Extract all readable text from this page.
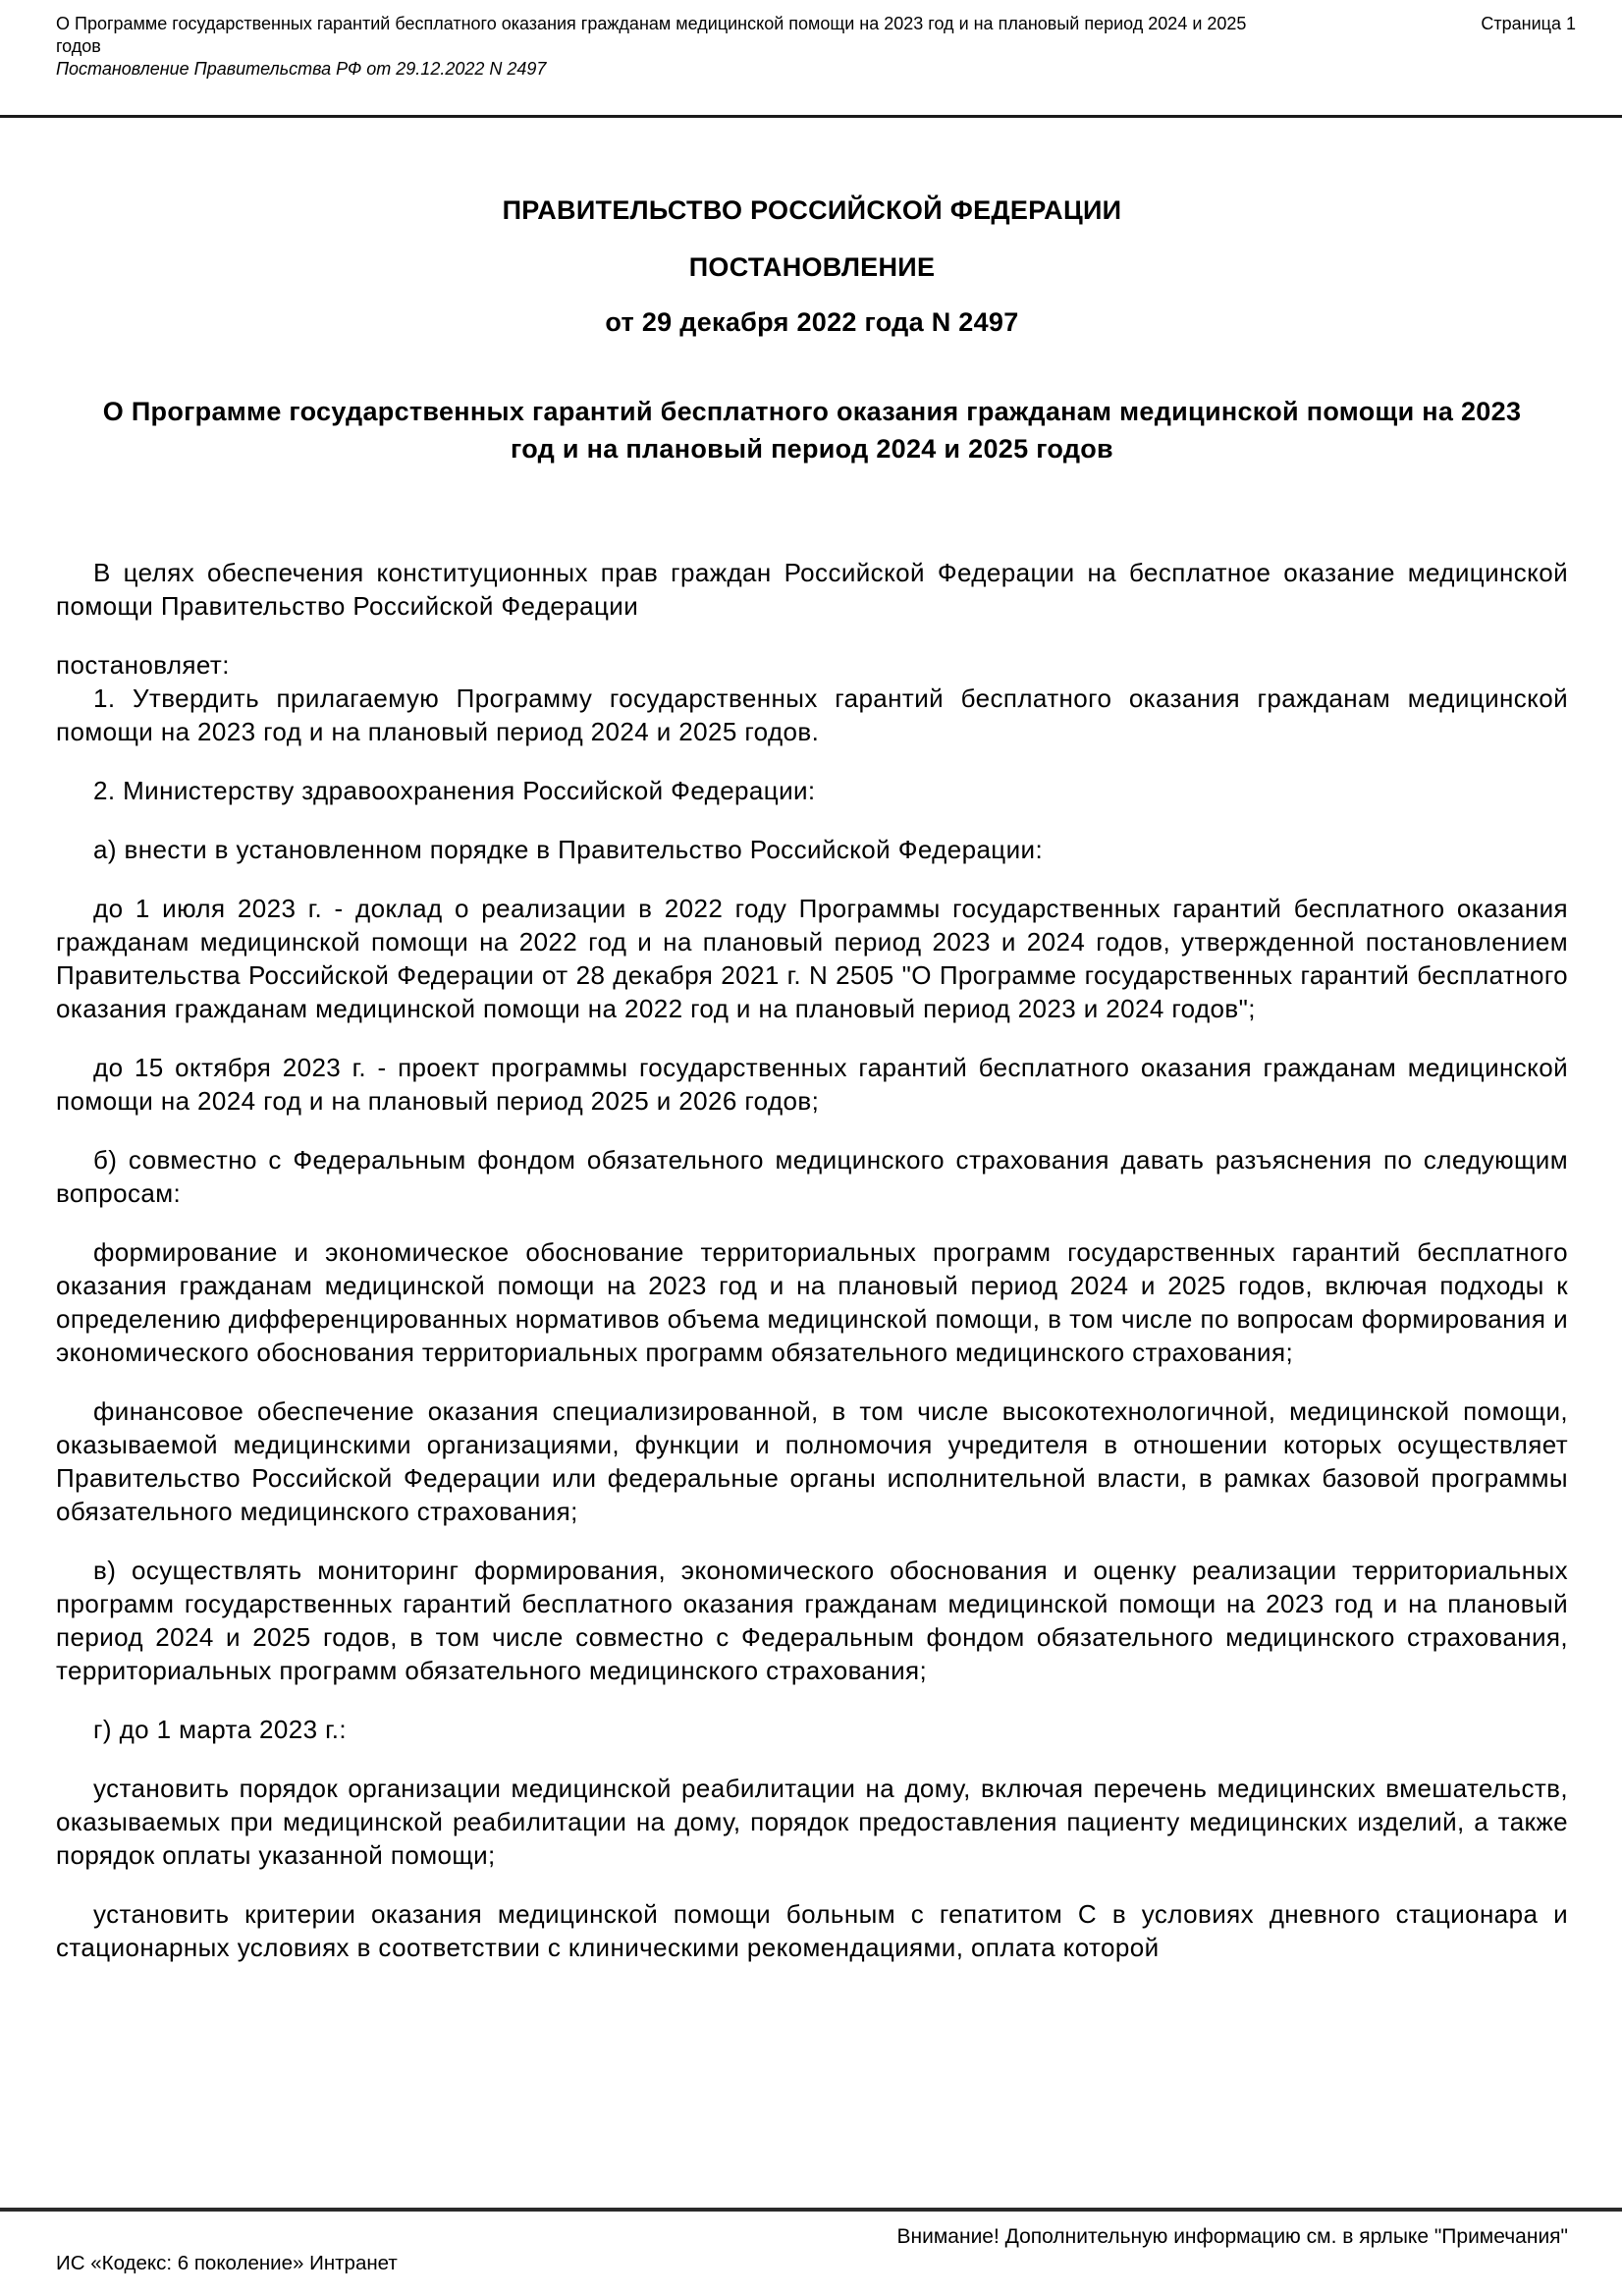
О Программе государственных гарантий бесплатного оказания гражданам медицинской помощи на 2023 год и на плановый период 2024 и 2025 годов
Постановление Правительства РФ от 29.12.2022 N 2497
Страница 1
ПРАВИТЕЛЬСТВО РОССИЙСКОЙ ФЕДЕРАЦИИ
ПОСТАНОВЛЕНИЕ
от 29 декабря 2022 года N 2497
О Программе государственных гарантий бесплатного оказания гражданам медицинской помощи на 2023 год и на плановый период 2024 и 2025 годов

В целях обеспечения конституционных прав граждан Российской Федерации на бесплатное оказание медицинской помощи Правительство Российской Федерации

постановляет:

1. Утвердить прилагаемую Программу государственных гарантий бесплатного оказания гражданам медицинской помощи на 2023 год и на плановый период 2024 и 2025 годов.

2. Министерству здравоохранения Российской Федерации:

а) внести в установленном порядке в Правительство Российской Федерации:

до 1 июля 2023 г. - доклад о реализации в 2022 году Программы государственных гарантий бесплатного оказания гражданам медицинской помощи на 2022 год и на плановый период 2023 и 2024 годов, утвержденной постановлением Правительства Российской Федерации от 28 декабря 2021 г. N 2505 "О Программе государственных гарантий бесплатного оказания гражданам медицинской помощи на 2022 год и на плановый период 2023 и 2024 годов";

до 15 октября 2023 г. - проект программы государственных гарантий бесплатного оказания гражданам медицинской помощи на 2024 год и на плановый период 2025 и 2026 годов;

б) совместно с Федеральным фондом обязательного медицинского страхования давать разъяснения по следующим вопросам:

формирование и экономическое обоснование территориальных программ государственных гарантий бесплатного оказания гражданам медицинской помощи на 2023 год и на плановый период 2024 и 2025 годов, включая подходы к определению дифференцированных нормативов объема медицинской помощи, в том числе по вопросам формирования и экономического обоснования территориальных программ обязательного медицинского страхования;

финансовое обеспечение оказания специализированной, в том числе высокотехнологичной, медицинской помощи, оказываемой медицинскими организациями, функции и полномочия учредителя в отношении которых осуществляет Правительство Российской Федерации или федеральные органы исполнительной власти, в рамках базовой программы обязательного медицинского страхования;

в) осуществлять мониторинг формирования, экономического обоснования и оценку реализации территориальных программ государственных гарантий бесплатного оказания гражданам медицинской помощи на 2023 год и на плановый период 2024 и 2025 годов, в том числе совместно с Федеральным фондом обязательного медицинского страхования, территориальных программ обязательного медицинского страхования;

г) до 1 марта 2023 г.:

установить порядок организации медицинской реабилитации на дому, включая перечень медицинских вмешательств, оказываемых при медицинской реабилитации на дому, порядок предоставления пациенту медицинских изделий, а также порядок оплаты указанной помощи;

установить критерии оказания медицинской помощи больным с гепатитом С в условиях дневного стационара и стационарных условиях в соответствии с клиническими рекомендациями, оплата которой

Внимание! Дополнительную информацию см. в ярлыке "Примечания"
ИС «Кодекс: 6 поколение» Интранет
